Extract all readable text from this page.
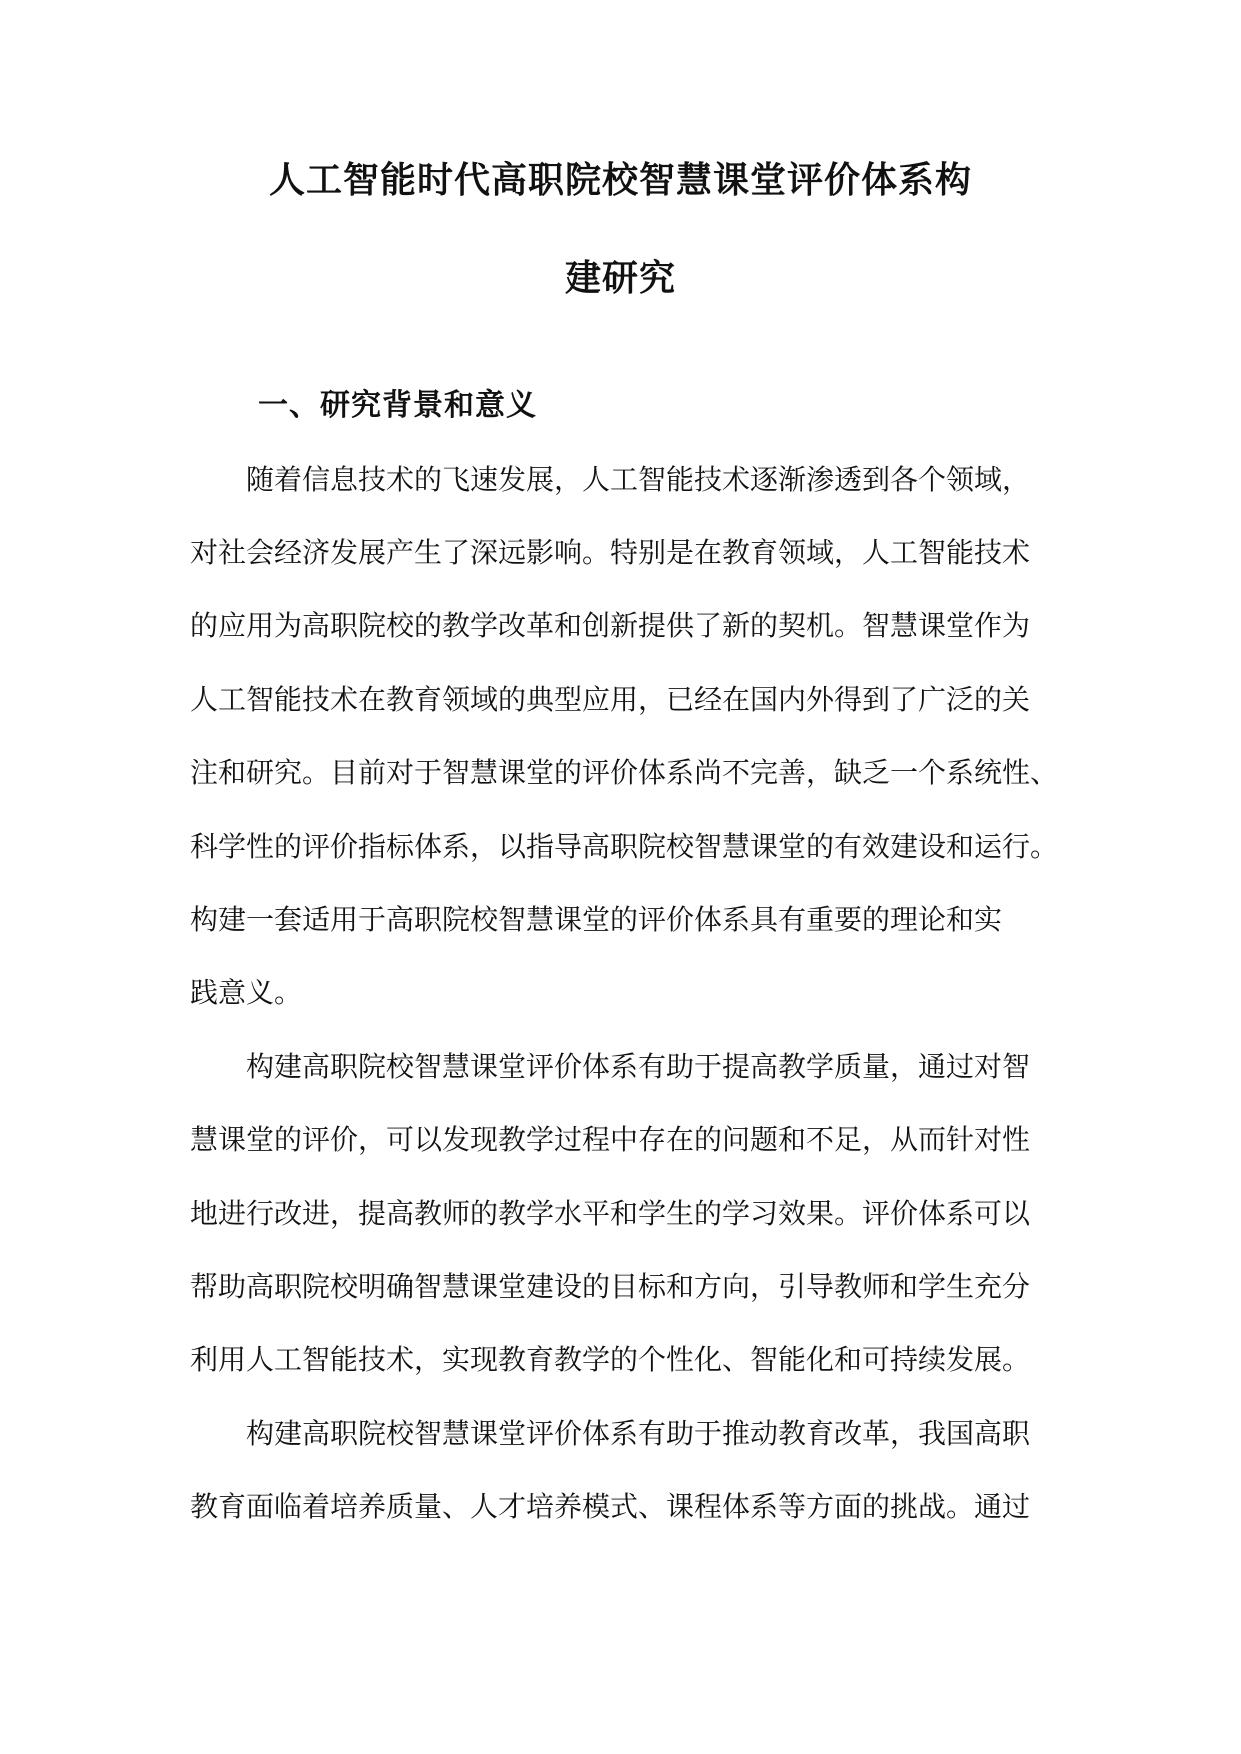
人工智能时代高职院校智慧课堂评价体系构
建研究
一、研究背景和意义

随着信息技术的飞速发展，人工智能技术逐渐渗透到各个领域，

对社会经济发展产生了深远影响。特别是在教育领域，人工智能技术

的应用为高职院校的教学改革和创新提供了新的契机。智慧课堂作为

人工智能技术在教育领域的典型应用，已经在国内外得到了广泛的关

注和研究。目前对于智慧课堂的评价体系尚不完善，缺乏一个系统性、

科学性的评价指标体系，以指导高职院校智慧课堂的有效建设和运行。

构建一套适用于高职院校智慧课堂的评价体系具有重要的理论和实

践意义。

构建高职院校智慧课堂评价体系有助于提高教学质量，通过对智

慧课堂的评价，可以发现教学过程中存在的问题和不足，从而针对性

地进行改进，提高教师的教学水平和学生的学习效果。评价体系可以

帮助高职院校明确智慧课堂建设的目标和方向，引导教师和学生充分

利用人工智能技术，实现教育教学的个性化、智能化和可持续发展。

构建高职院校智慧课堂评价体系有助于推动教育改革，我国高职

教育面临着培养质量、人才培养模式、课程体系等方面的挑战。通过
